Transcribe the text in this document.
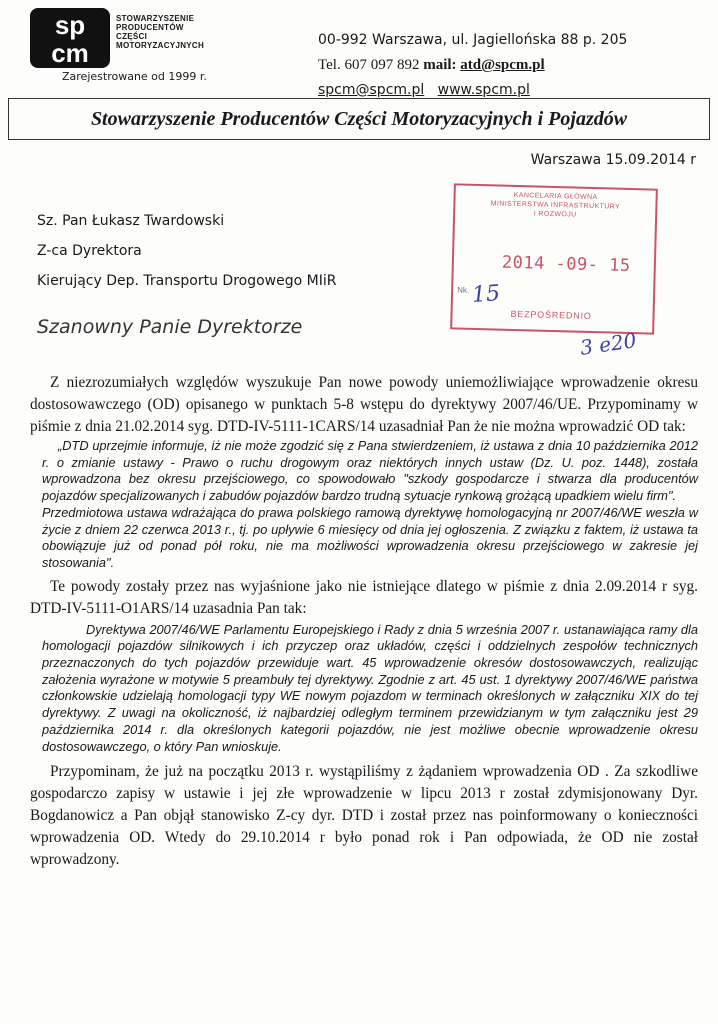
sp
cm
STOWARZYSZENIE
PRODUCENTÓW
CZĘŚCI
MOTORYZACYJNYCH
Zarejestrowane od 1999 r.
00-992 Warszawa, ul. Jagiellońska 88 p. 205
Tel. 607 097 892 mail: atd@spcm.pl
spcm@spcm.pl www.spcm.pl
Stowarzyszenie Producentów Części Motoryzacyjnych i Pojazdów
Warszawa 15.09.2014 r
Sz. Pan Łukasz Twardowski
Z-ca Dyrektora
Kierujący Dep. Transportu Drogowego MIiR
KANCELARIA GŁÓWNA
MINISTERSTWA INFRASTRUKTURY
I ROZWOJU
2014 -09- 15
Nk.
BEZPOŚREDNIO
15
3 e20
Szanowny Panie Dyrektorze

Z niezrozumiałych względów wyszukuje Pan nowe powody uniemożliwiające wprowadzenie okresu dostosowawczego (OD) opisanego w punktach 5-8 wstępu do dyrektywy 2007/46/UE. Przypominamy w piśmie z dnia 21.02.2014 syg. DTD-IV-5111-1CARS/14 uzasadniał Pan że nie można wprowadzić OD tak:

„DTD uprzejmie informuje, iż nie może zgodzić się z Pana stwierdzeniem, iż ustawa z dnia 10 października 2012 r. o zmianie ustawy - Prawo o ruchu drogowym oraz niektórych innych ustaw (Dz. U. poz. 1448), została wprowadzona bez okresu przejściowego, co spowodowało "szkody gospodarcze i stwarza dla producentów pojazdów specjalizowanych i zabudów pojazdów bardzo trudną sytuacje rynkową grożącą upadkiem wielu firm".

Przedmiotowa ustawa wdrażająca do prawa polskiego ramową dyrektywę homologacyjną nr 2007/46/WE weszła w życie z dniem 22 czerwca 2013 r., tj. po upływie 6 miesięcy od dnia jej ogłoszenia. Z związku z faktem, iż ustawa ta obowiązuje już od ponad pół roku, nie ma możliwości wprowadzenia okresu przejściowego w zakresie jej stosowania".

Te powody zostały przez nas wyjaśnione jako nie istniejące dlatego w piśmie z dnia 2.09.2014 r syg. DTD-IV-5111-O1ARS/14 uzasadnia Pan tak:

Dyrektywa 2007/46/WE Parlamentu Europejskiego i Rady z dnia 5 września 2007 r. ustanawiająca ramy dla homologacji pojazdów silnikowych i ich przyczep oraz układów, części i oddzielnych zespołów technicznych przeznaczonych do tych pojazdów przewiduje wart. 45 wprowadzenie okresów dostosowawczych, realizując założenia wyrażone w motywie 5 preambuły tej dyrektywy. Zgodnie z art. 45 ust. 1 dyrektywy 2007/46/WE państwa członkowskie udzielają homologacji typy WE nowym pojazdom w terminach określonych w załączniku XIX do tej dyrektywy. Z uwagi na okoliczność, iż najbardziej odległym terminem przewidzianym w tym załączniku jest 29 października 2014 r. dla określonych kategorii pojazdów, nie jest możliwe obecnie wprowadzenie okresu dostosowawczego, o który Pan wnioskuje.

Przypominam, że już na początku 2013 r. wystąpiliśmy z żądaniem wprowadzenia OD . Za szkodliwe gospodarczo zapisy w ustawie i jej złe wprowadzenie w lipcu 2013 r został zdymisjonowany Dyr. Bogdanowicz a Pan objął stanowisko Z-cy dyr. DTD i został przez nas poinformowany o konieczności wprowadzenia OD. Wtedy do 29.10.2014 r było ponad rok i Pan odpowiada, że OD nie został wprowadzony.
